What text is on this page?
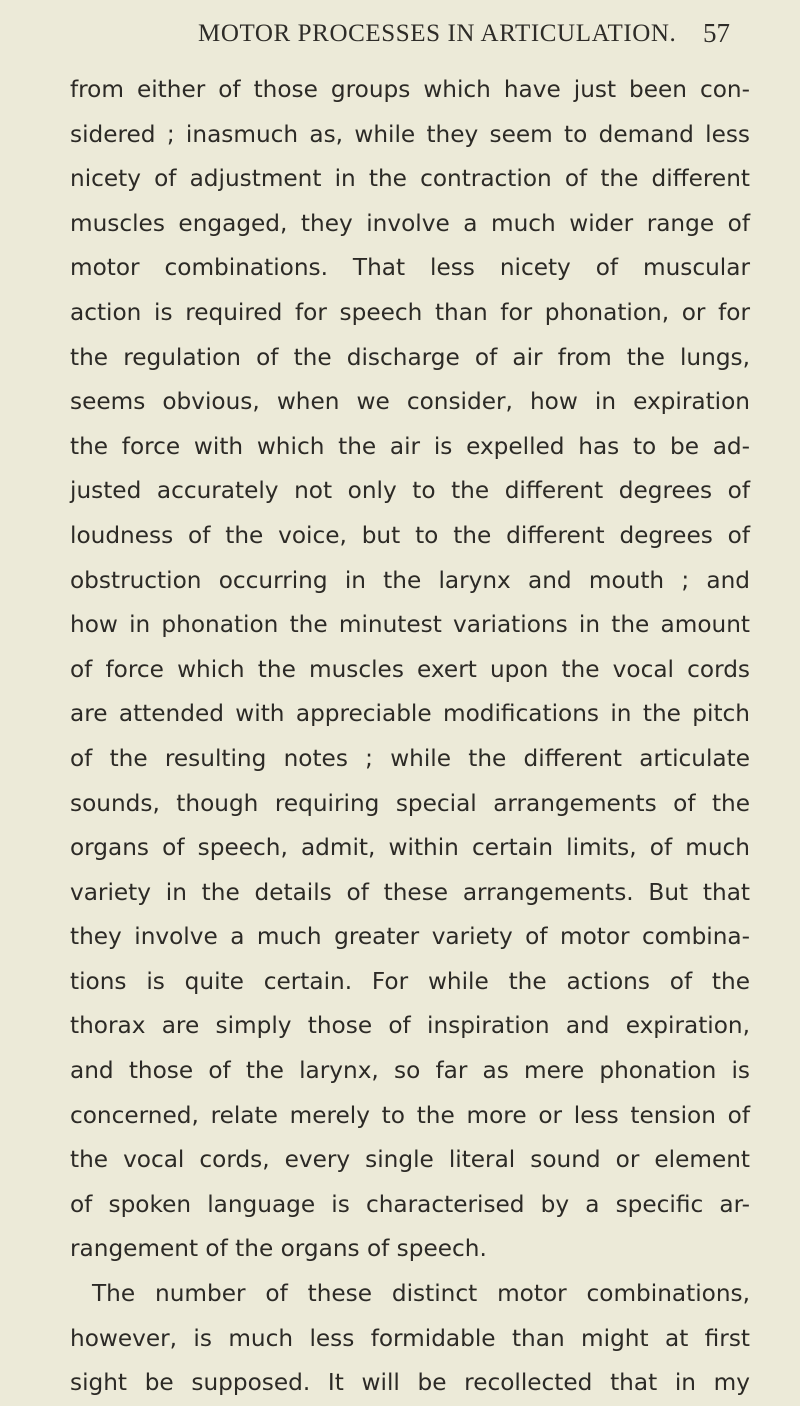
MOTOR PROCESSES IN ARTICULATION. 57
from either of those groups which have just been con-
sidered ; inasmuch as, while they seem to demand less
nicety of adjustment in the contraction of the different
muscles engaged, they involve a much wider range of
motor combinations. That less nicety of muscular
action is required for speech than for phonation, or for
the regulation of the discharge of air from the lungs,
seems obvious, when we consider, how in expiration
the force with which the air is expelled has to be ad-
justed accurately not only to the different degrees of
loudness of the voice, but to the different degrees of
obstruction occurring in the larynx and mouth ; and
how in phonation the minutest variations in the amount
of force which the muscles exert upon the vocal cords
are attended with appreciable modifications in the pitch
of the resulting notes ; while the different articulate
sounds, though requiring special arrangements of the
organs of speech, admit, within certain limits, of much
variety in the details of these arrangements. But that
they involve a much greater variety of motor combina-
tions is quite certain. For while the actions of the
thorax are simply those of inspiration and expiration,
and those of the larynx, so far as mere phonation is
concerned, relate merely to the more or less tension of
the vocal cords, every single literal sound or element
of spoken language is characterised by a specific ar-
rangement of the organs of speech.
The number of these distinct motor combinations,
however, is much less formidable than might at first
sight be supposed. It will be recollected that in my
